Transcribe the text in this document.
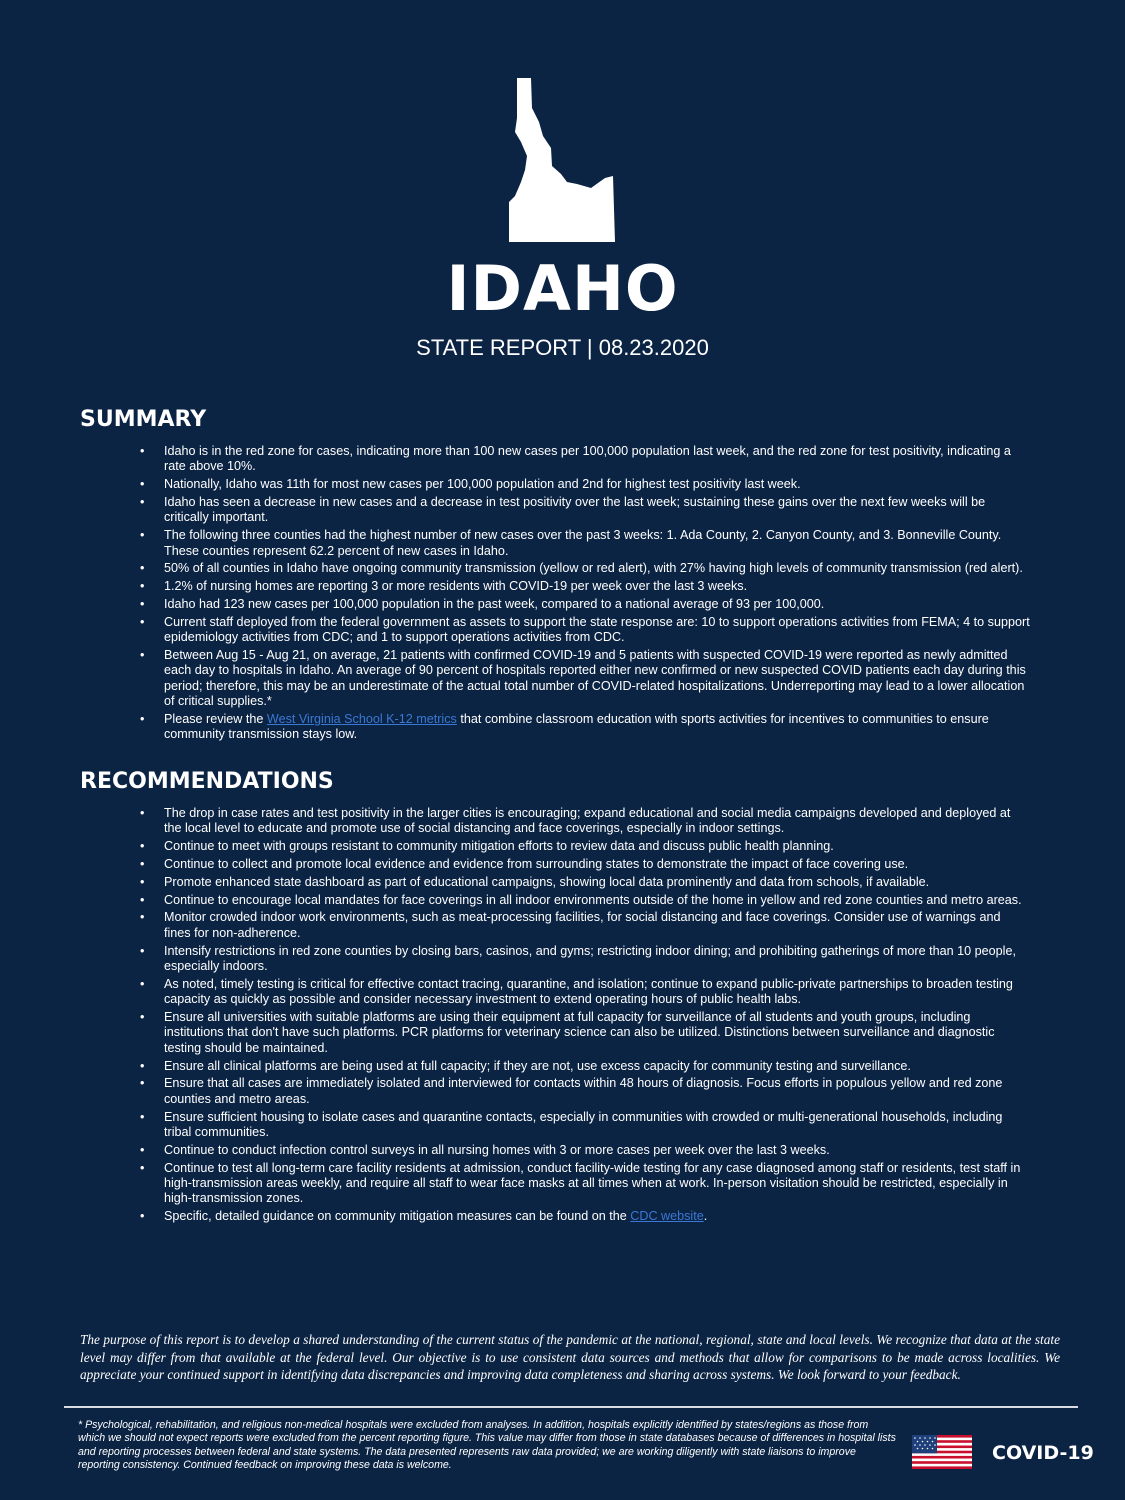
IDAHO
STATE REPORT | 08.23.2020
SUMMARY
• Idaho is in the red zone for cases, indicating more than 100 new cases per 100,000 population last week, and the red zone for test positivity, indicating a rate above 10%.
• Nationally, Idaho was 11th for most new cases per 100,000 population and 2nd for highest test positivity last week.
• Idaho has seen a decrease in new cases and a decrease in test positivity over the last week; sustaining these gains over the next few weeks will be critically important.
• The following three counties had the highest number of new cases over the past 3 weeks: 1. Ada County, 2. Canyon County, and 3. Bonneville County. These counties represent 62.2 percent of new cases in Idaho.
• 50% of all counties in Idaho have ongoing community transmission (yellow or red alert), with 27% having high levels of community transmission (red alert).
• 1.2% of nursing homes are reporting 3 or more residents with COVID-19 per week over the last 3 weeks.
• Idaho had 123 new cases per 100,000 population in the past week, compared to a national average of 93 per 100,000.
• Current staff deployed from the federal government as assets to support the state response are: 10 to support operations activities from FEMA; 4 to support epidemiology activities from CDC; and 1 to support operations activities from CDC.
• Between Aug 15 - Aug 21, on average, 21 patients with confirmed COVID-19 and 5 patients with suspected COVID-19 were reported as newly admitted each day to hospitals in Idaho. An average of 90 percent of hospitals reported either new confirmed or new suspected COVID patients each day during this period; therefore, this may be an underestimate of the actual total number of COVID-related hospitalizations. Underreporting may lead to a lower allocation of critical supplies.*
• Please review the West Virginia School K-12 metrics that combine classroom education with sports activities for incentives to communities to ensure community transmission stays low.
RECOMMENDATIONS
• The drop in case rates and test positivity in the larger cities is encouraging; expand educational and social media campaigns developed and deployed at the local level to educate and promote use of social distancing and face coverings, especially in indoor settings.
• Continue to meet with groups resistant to community mitigation efforts to review data and discuss public health planning.
• Continue to collect and promote local evidence and evidence from surrounding states to demonstrate the impact of face covering use.
• Promote enhanced state dashboard as part of educational campaigns, showing local data prominently and data from schools, if available.
• Continue to encourage local mandates for face coverings in all indoor environments outside of the home in yellow and red zone counties and metro areas.
• Monitor crowded indoor work environments, such as meat-processing facilities, for social distancing and face coverings. Consider use of warnings and fines for non-adherence.
• Intensify restrictions in red zone counties by closing bars, casinos, and gyms; restricting indoor dining; and prohibiting gatherings of more than 10 people, especially indoors.
• As noted, timely testing is critical for effective contact tracing, quarantine, and isolation; continue to expand public-private partnerships to broaden testing capacity as quickly as possible and consider necessary investment to extend operating hours of public health labs.
• Ensure all universities with suitable platforms are using their equipment at full capacity for surveillance of all students and youth groups, including institutions that don't have such platforms. PCR platforms for veterinary science can also be utilized. Distinctions between surveillance and diagnostic testing should be maintained.
• Ensure all clinical platforms are being used at full capacity; if they are not, use excess capacity for community testing and surveillance.
• Ensure that all cases are immediately isolated and interviewed for contacts within 48 hours of diagnosis. Focus efforts in populous yellow and red zone counties and metro areas.
• Ensure sufficient housing to isolate cases and quarantine contacts, especially in communities with crowded or multi-generational households, including tribal communities.
• Continue to conduct infection control surveys in all nursing homes with 3 or more cases per week over the last 3 weeks.
• Continue to test all long-term care facility residents at admission, conduct facility-wide testing for any case diagnosed among staff or residents, test staff in high-transmission areas weekly, and require all staff to wear face masks at all times when at work. In-person visitation should be restricted, especially in high-transmission zones.
• Specific, detailed guidance on community mitigation measures can be found on the CDC website.
The purpose of this report is to develop a shared understanding of the current status of the pandemic at the national, regional, state and local levels. We recognize that data at the state level may differ from that available at the federal level. Our objective is to use consistent data sources and methods that allow for comparisons to be made across localities. We appreciate your continued support in identifying data discrepancies and improving data completeness and sharing across systems. We look forward to your feedback.
* Psychological, rehabilitation, and religious non-medical hospitals were excluded from analyses. In addition, hospitals explicitly identified by states/regions as those from which we should not expect reports were excluded from the percent reporting figure. This value may differ from those in state databases because of differences in hospital lists and reporting processes between federal and state systems. The data presented represents raw data provided; we are working diligently with state liaisons to improve reporting consistency. Continued feedback on improving these data is welcome.
COVID-19
